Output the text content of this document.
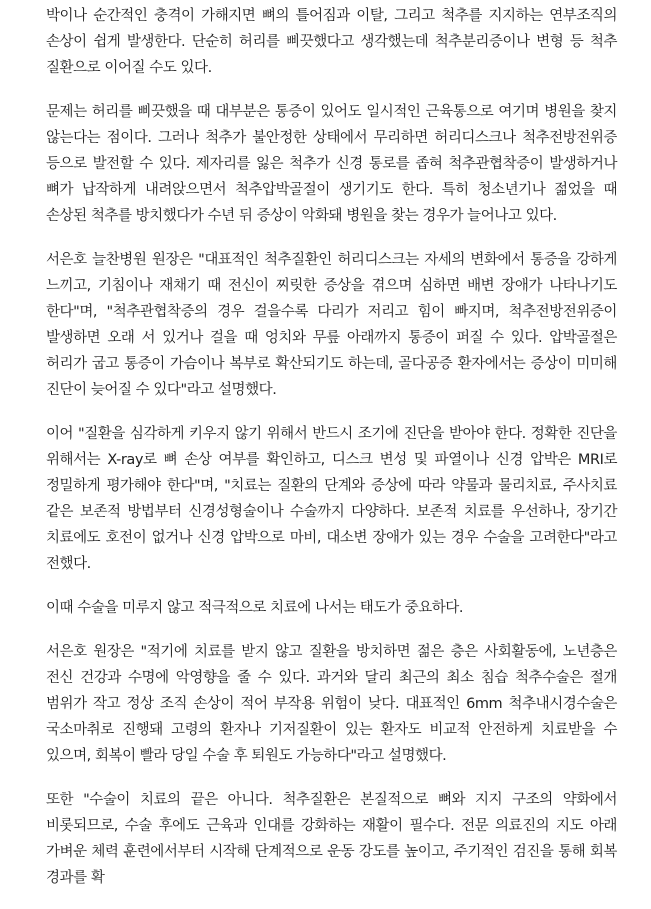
박이나 순간적인 충격이 가해지면 뼈의 틀어짐과 이탈, 그리고 척추를 지지하는 연부조직의 손상이 쉽게 발생한다. 단순히 허리를 삐끗했다고 생각했는데 척추분리증이나 변형 등 척추 질환으로 이어질 수도 있다.

문제는 허리를 삐끗했을 때 대부분은 통증이 있어도 일시적인 근육통으로 여기며 병원을 찾지 않는다는 점이다. 그러나 척추가 불안정한 상태에서 무리하면 허리디스크나 척추전방전위증 등으로 발전할 수 있다. 제자리를 잃은 척추가 신경 통로를 좁혀 척추관협착증이 발생하거나 뼈가 납작하게 내려앉으면서 척추압박골절이 생기기도 한다. 특히 청소년기나 젊었을 때 손상된 척추를 방치했다가 수년 뒤 증상이 악화돼 병원을 찾는 경우가 늘어나고 있다.

서은호 늘찬병원 원장은 "대표적인 척추질환인 허리디스크는 자세의 변화에서 통증을 강하게 느끼고, 기침이나 재채기 때 전신이 찌릿한 증상을 겪으며 심하면 배변 장애가 나타나기도 한다"며, "척추관협착증의 경우 걸을수록 다리가 저리고 힘이 빠지며, 척추전방전위증이 발생하면 오래 서 있거나 걸을 때 엉치와 무릎 아래까지 통증이 퍼질 수 있다. 압박골절은 허리가 굽고 통증이 가슴이나 복부로 확산되기도 하는데, 골다공증 환자에서는 증상이 미미해 진단이 늦어질 수 있다"라고 설명했다.

이어 "질환을 심각하게 키우지 않기 위해서 반드시 조기에 진단을 받아야 한다. 정확한 진단을 위해서는 X-ray로 뼈 손상 여부를 확인하고, 디스크 변성 및 파열이나 신경 압박은 MRI로 정밀하게 평가해야 한다"며, "치료는 질환의 단계와 증상에 따라 약물과 물리치료, 주사치료 같은 보존적 방법부터 신경성형술이나 수술까지 다양하다. 보존적 치료를 우선하나, 장기간 치료에도 호전이 없거나 신경 압박으로 마비, 대소변 장애가 있는 경우 수술을 고려한다"라고 전했다.

이때 수술을 미루지 않고 적극적으로 치료에 나서는 태도가 중요하다.

서은호 원장은 "적기에 치료를 받지 않고 질환을 방치하면 젊은 층은 사회활동에, 노년층은 전신 건강과 수명에 악영향을 줄 수 있다. 과거와 달리 최근의 최소 침습 척추수술은 절개 범위가 작고 정상 조직 손상이 적어 부작용 위험이 낮다. 대표적인 6mm 척추내시경수술은 국소마취로 진행돼 고령의 환자나 기저질환이 있는 환자도 비교적 안전하게 치료받을 수 있으며, 회복이 빨라 당일 수술 후 퇴원도 가능하다"라고 설명했다.

또한 "수술이 치료의 끝은 아니다. 척추질환은 본질적으로 뼈와 지지 구조의 약화에서 비롯되므로, 수술 후에도 근육과 인대를 강화하는 재활이 필수다. 전문 의료진의 지도 아래 가벼운 체력 훈련에서부터 시작해 단계적으로 운동 강도를 높이고, 주기적인 검진을 통해 회복 경과를 확
